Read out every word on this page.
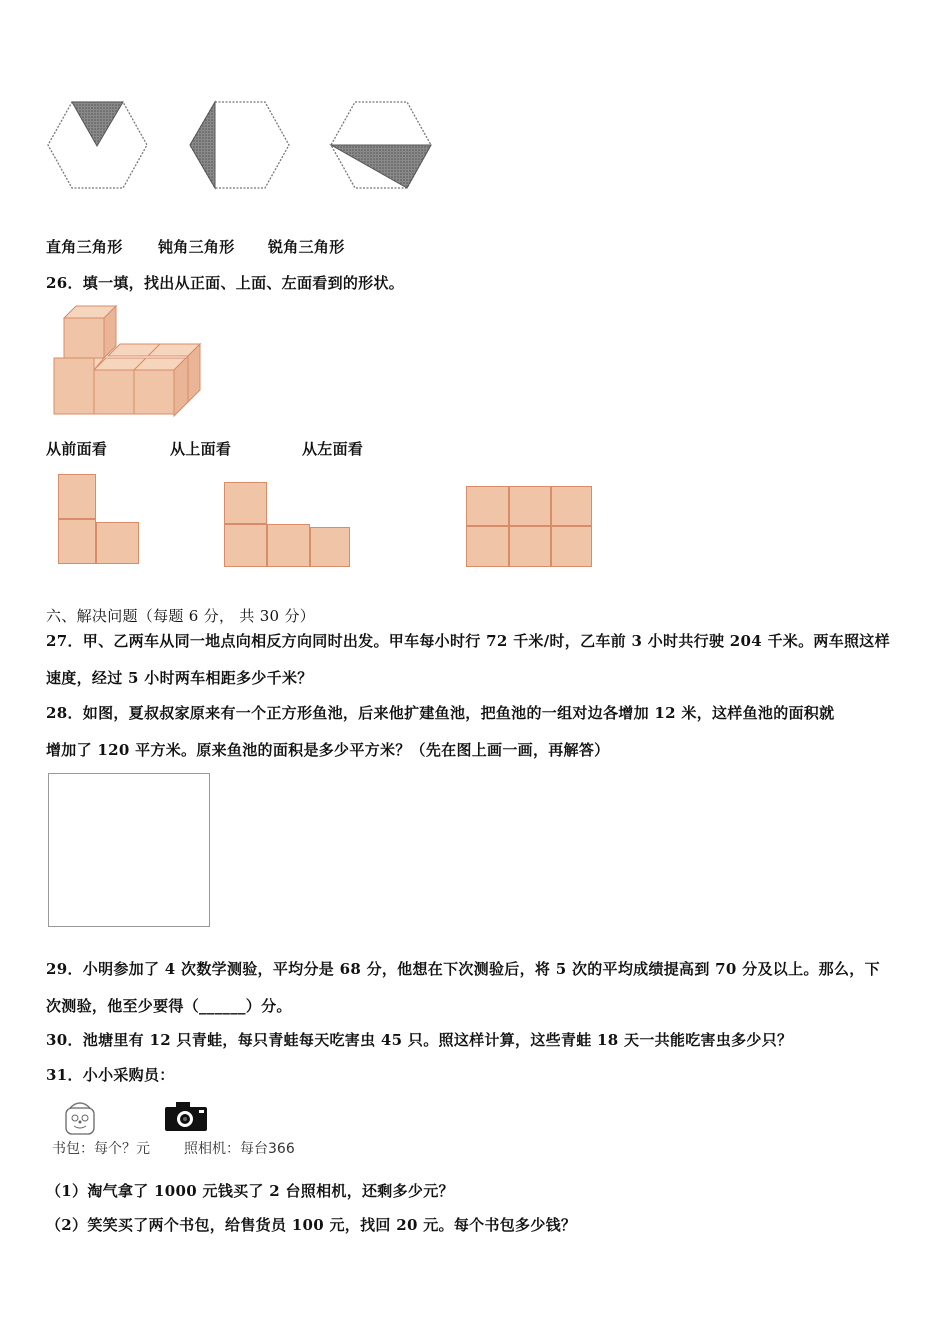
直角三角形 钝角三角形 锐角三角形
26．填一填，找出从正面、上面、左面看到的形状。
从前面看	从上面看	从左面看
六、解决问题（每题 6 分， 共 30 分）
27．甲、乙两车从同一地点向相反方向同时出发。甲车每小时行 72 千米/时，乙车前 3 小时共行驶 204 千米。两车照这样
速度，经过 5 小时两车相距多少千米？
28．如图，夏叔叔家原来有一个正方形鱼池，后来他扩建鱼池，把鱼池的一组对边各增加 12 米，这样鱼池的面积就
增加了 120 平方米。原来鱼池的面积是多少平方米？（先在图上画一画，再解答）
29．小明参加了 4 次数学测验，平均分是 68 分，他想在下次测验后，将 5 次的平均成绩提高到 70 分及以上。那么，下
次测验，他至少要得（______）分。
30．池塘里有 12 只青蛙，每只青蛙每天吃害虫 45 只。照这样计算，这些青蛙 18 天一共能吃害虫多少只？
31．小小采购员：
书包：每个？元 照相机：每台366
（1）淘气拿了 1000 元钱买了 2 台照相机，还剩多少元？
（2）笑笑买了两个书包，给售货员 100 元，找回 20 元。每个书包多少钱？
